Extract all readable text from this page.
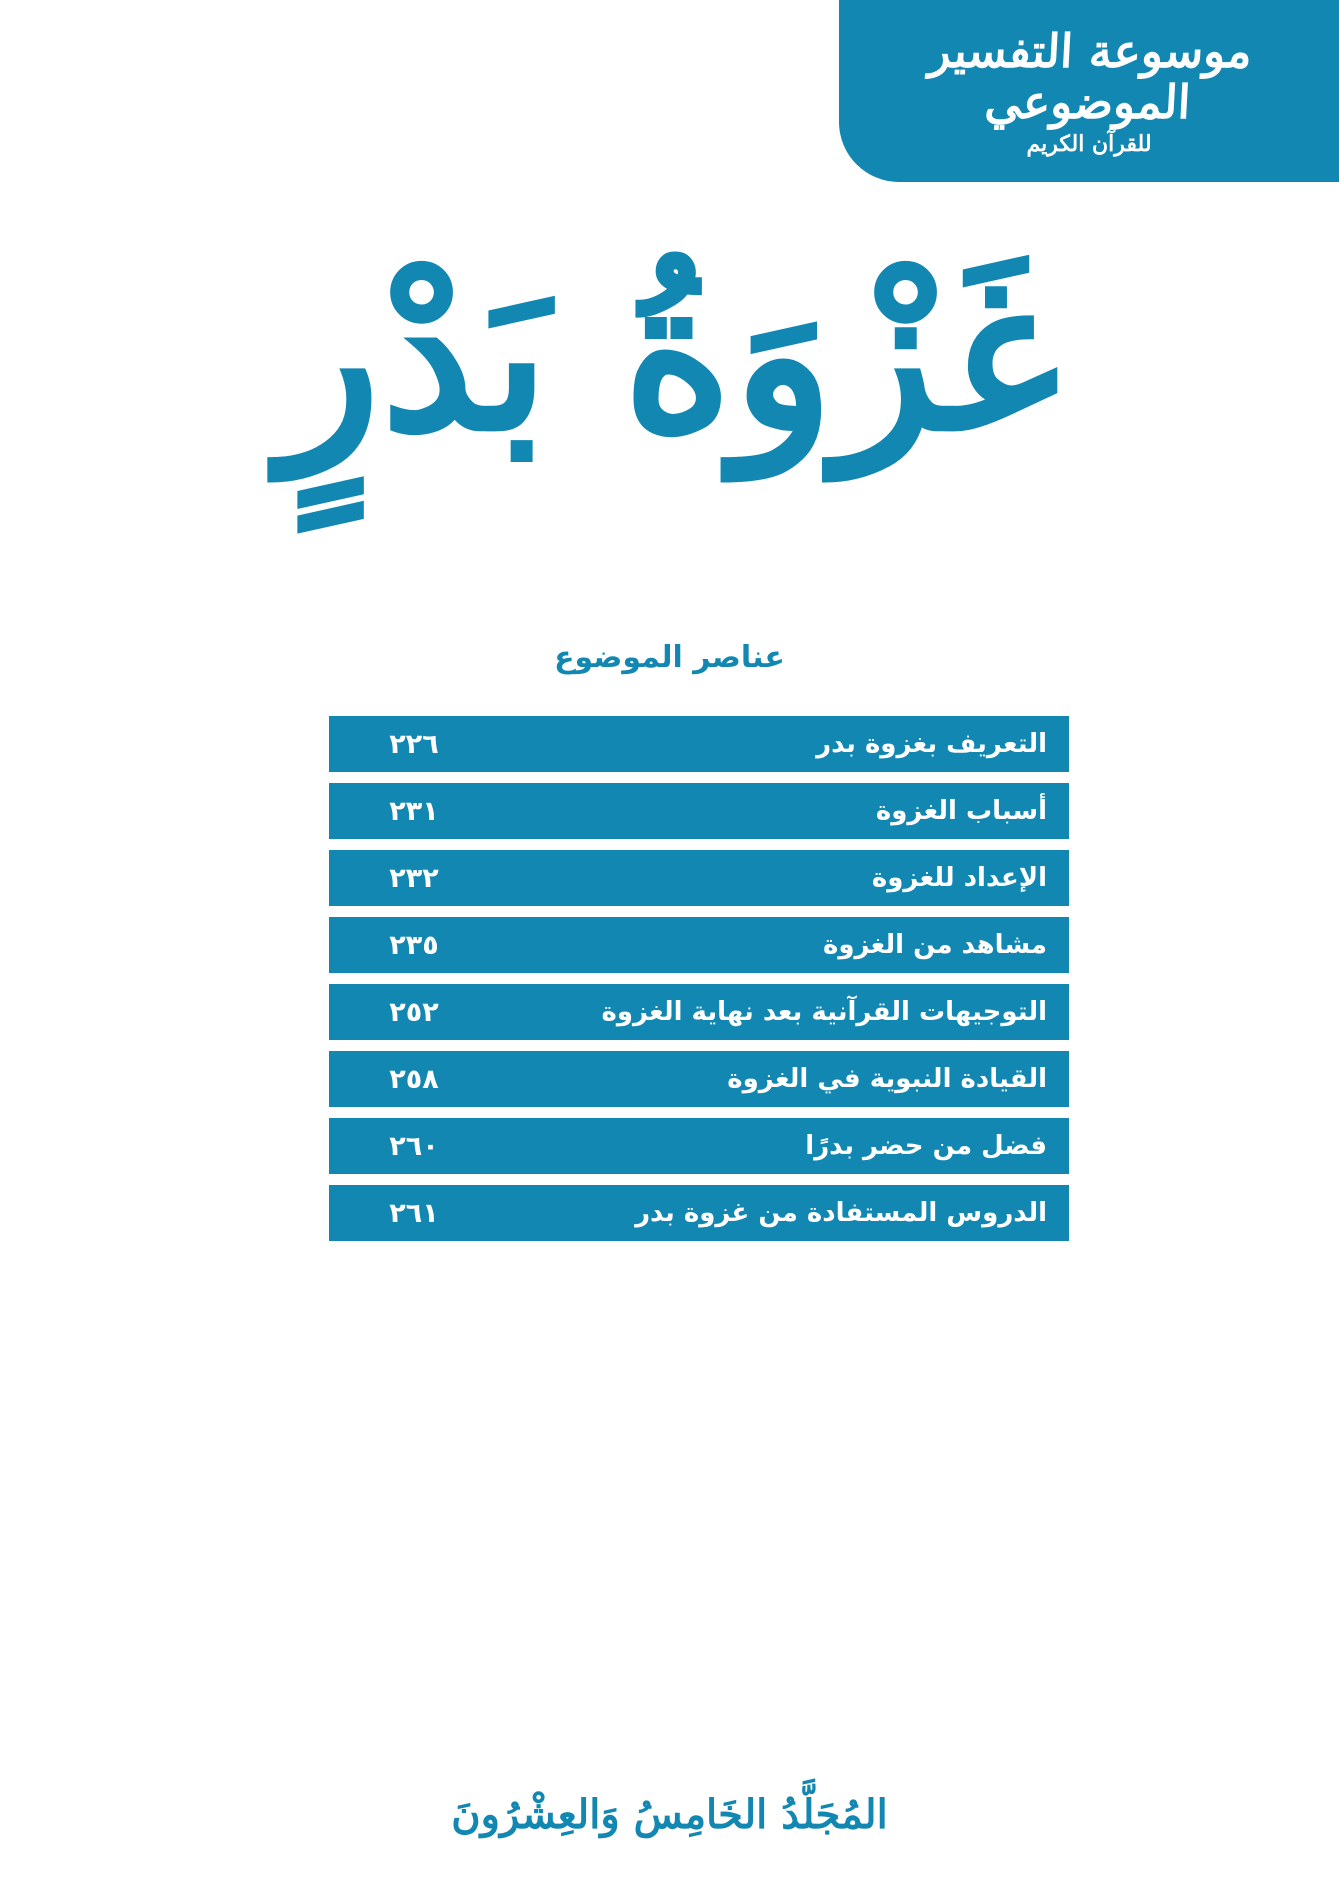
موسوعة التفسير الموضوعي
للقرآن الكريم
غَزْوَةُ بَدْرٍ
عناصر الموضوع
التعريف بغزوة بدر
٢٢٦
أسباب الغزوة
٢٣١
الإعداد للغزوة
٢٣٢
مشاهد من الغزوة
٢٣٥
التوجيهات القرآنية بعد نهاية الغزوة
٢٥٢
القيادة النبوية في الغزوة
٢٥٨
فضل من حضر بدرًا
٢٦٠
الدروس المستفادة من غزوة بدر
٢٦١
المُجَلَّدُ الخَامِسُ وَالعِشْرُونَ
